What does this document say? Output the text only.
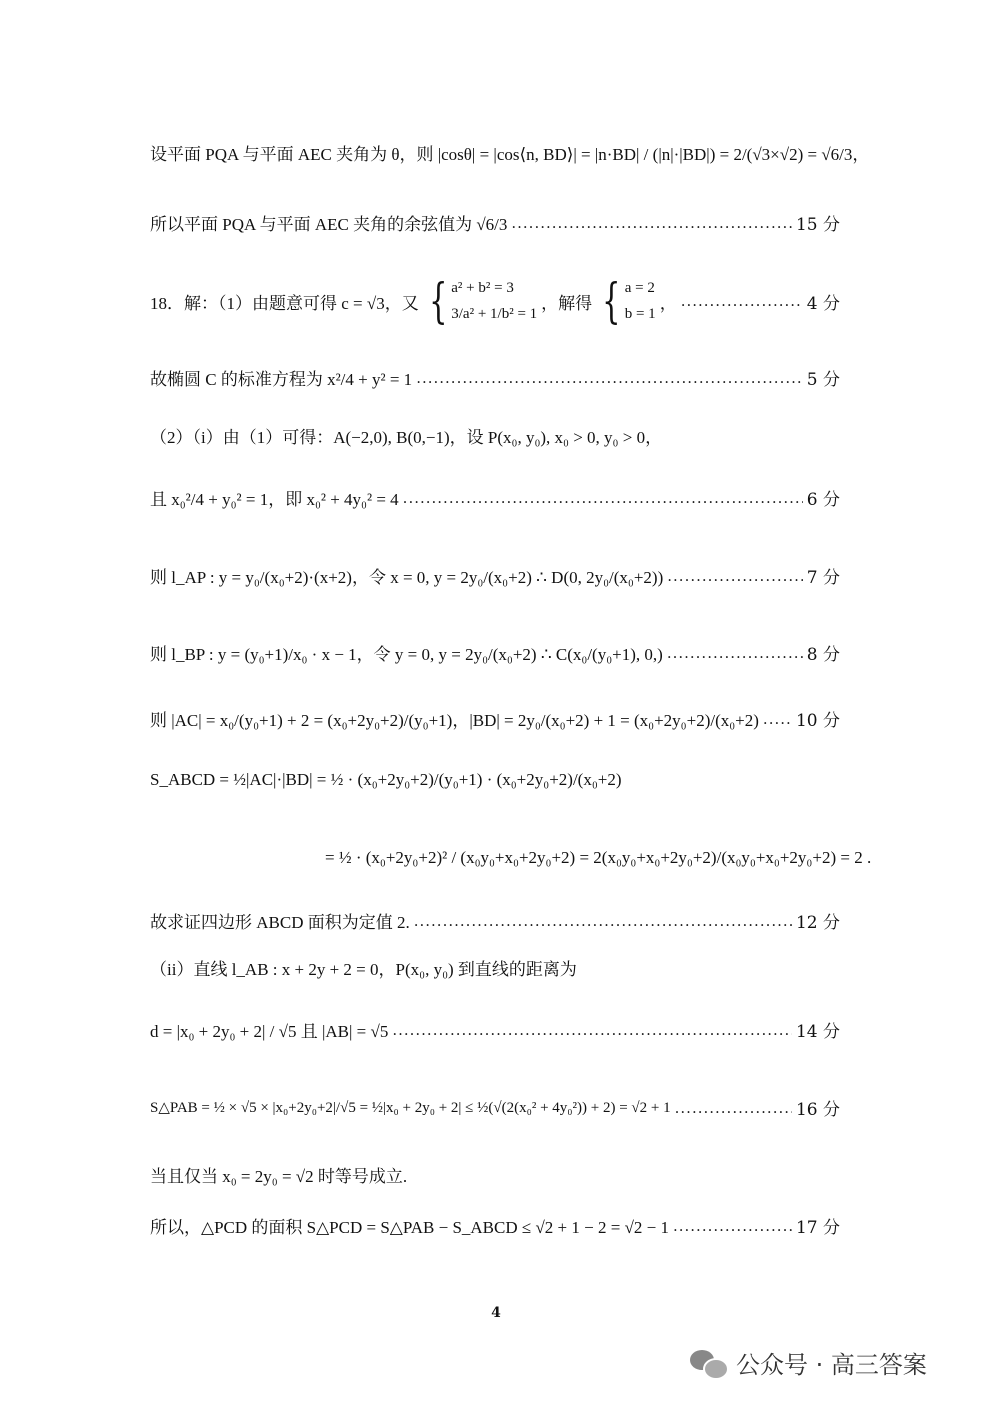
设平面 PQA 与平面 AEC 夹角为 θ，则 |cosθ| = |cos⟨n, BD⟩| = |n·BD| / (|n|·|BD|) = 2/(√3×√2) = √6/3，
所以平面 PQA 与平面 AEC 夹角的余弦值为 √6/3 .....	15 分
18．解：（1）由题意可得 c = √3，又 { a² + b² = 3
3/a² + 1/b² = 1
，解得 { a = 2
b = 1
， .....	4 分
故椭圆 C 的标准方程为 x²/4 + y² = 1 .....	5 分
（2）（i）由（1）可得：A(−2,0), B(0,−1)，设 P(x₀, y₀), x₀ > 0, y₀ > 0，
且 x₀²/4 + y₀² = 1，即 x₀² + 4y₀² = 4 .....	6 分
则 l_AP : y = y₀/(x₀+2)·(x+2)，令 x = 0, y = 2y₀/(x₀+2) ∴ D(0, 2y₀/(x₀+2)) .....	7 分
则 l_BP : y = (y₀+1)/x₀ · x − 1，令 y = 0, y = 2y₀/(x₀+2) ∴ C(x₀/(y₀+1), 0,) .....	8 分
则 |AC| = x₀/(y₀+1) + 2 = (x₀+2y₀+2)/(y₀+1)，|BD| = 2y₀/(x₀+2) + 1 = (x₀+2y₀+2)/(x₀+2) ..... 10 分
S_ABCD = ½|AC|·|BD| = ½ · (x₀+2y₀+2)/(y₀+1) · (x₀+2y₀+2)/(x₀+2)
= ½ · (x₀+2y₀+2)² / (x₀y₀+x₀+2y₀+2) = 2(x₀y₀+x₀+2y₀+2)/(x₀y₀+x₀+2y₀+2) = 2 .
故求证四边形 ABCD 面积为定值 2. .....	12 分
（ii）直线 l_AB : x + 2y + 2 = 0，P(x₀, y₀) 到直线的距离为
d = |x₀ + 2y₀ + 2| / √5 且 |AB| = √5 .....	14 分
S△PAB = ½ × √5 × |x₀+2y₀+2|/√5 = ½|x₀ + 2y₀ + 2| ≤ ½(√(2(x₀² + 4y₀²)) + 2) = √2 + 1 .....	16 分
当且仅当 x₀ = 2y₀ = √2 时等号成立.
所以，△PCD 的面积 S△PCD = S△PAB − S_ABCD ≤ √2 + 1 − 2 = √2 − 1 .....	17 分
4
公众号 · 高三答案
